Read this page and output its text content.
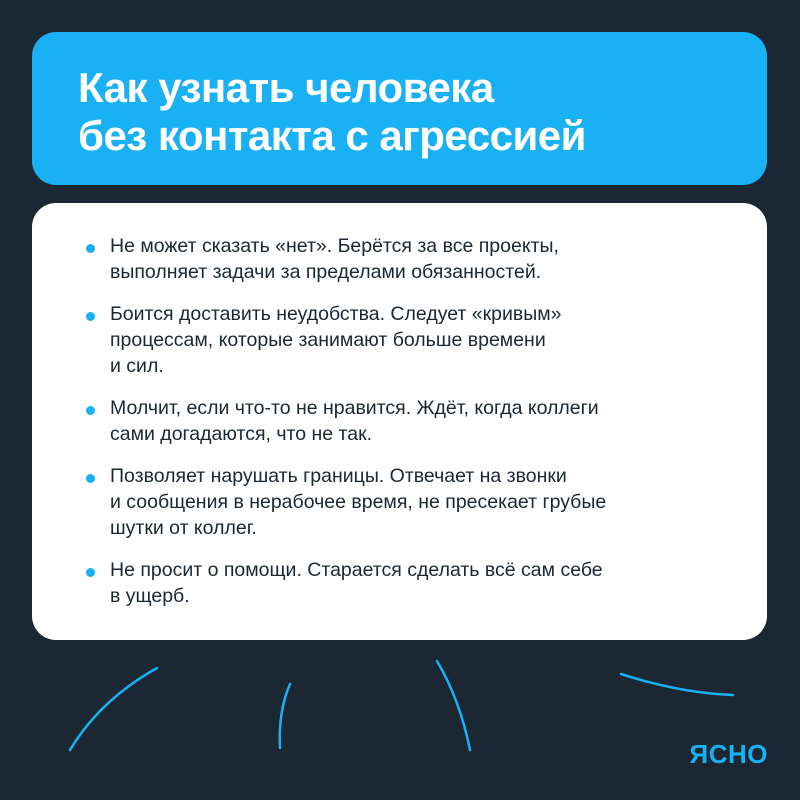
Как узнать человека
без контакта с агрессией
Не может сказать «нет». Берётся за все проекты,
выполняет задачи за пределами обязанностей.
Боится доставить неудобства. Следует «кривым»
процессам, которые занимают больше времени
и сил.
Молчит, если что-то не нравится. Ждёт, когда коллеги
сами догадаются, что не так.
Позволяет нарушать границы. Отвечает на звонки
и сообщения в нерабочее время, не пресекает грубые
шутки от коллег.
Не просит о помощи. Старается сделать всё сам себе
в ущерб.
ЯСНО
